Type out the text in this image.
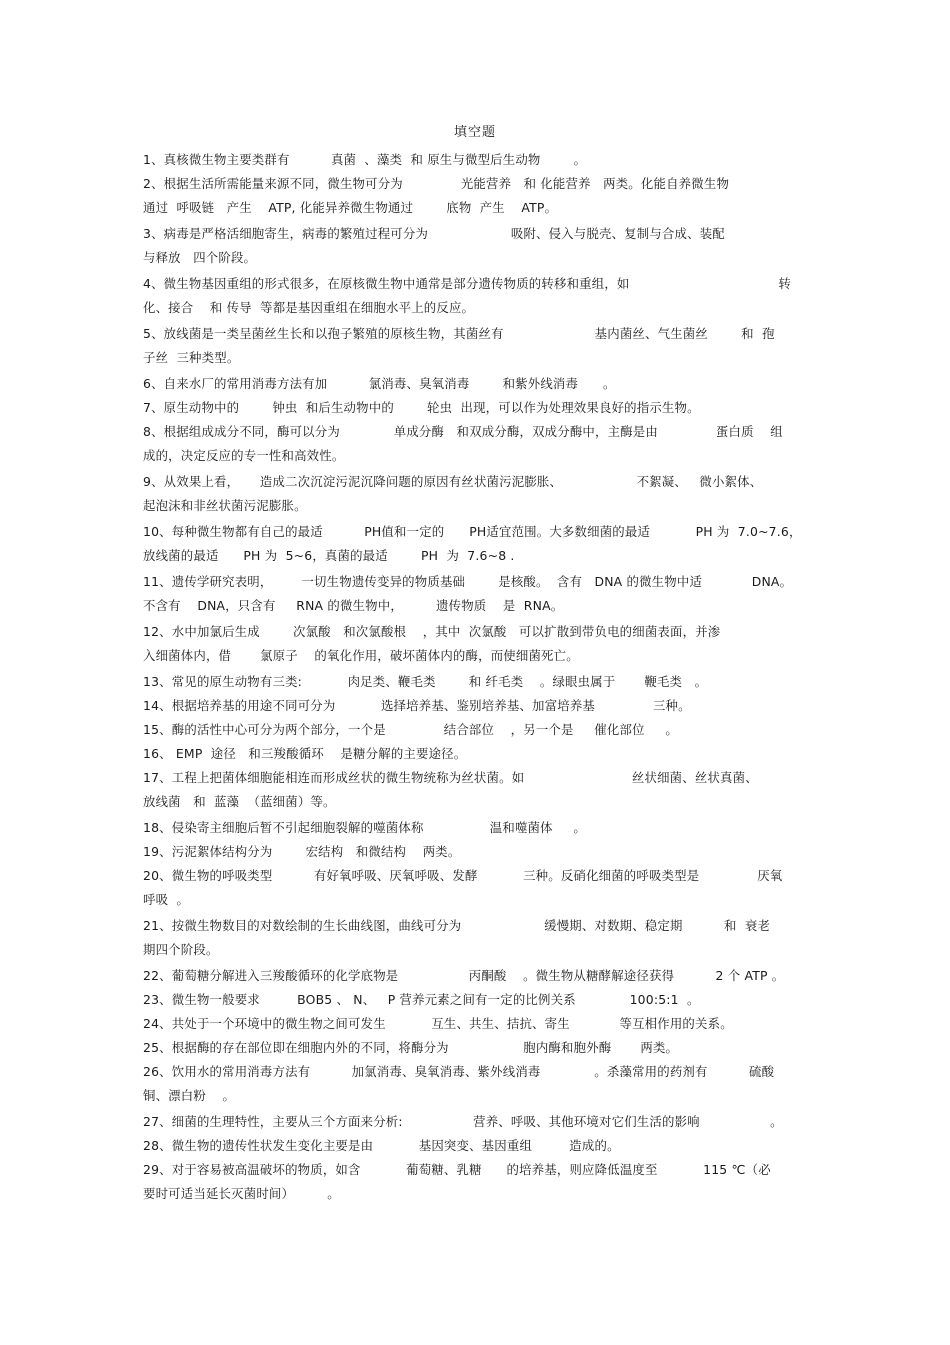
填空题
1、真核微生物主要类群有          真菌  、藻类  和 原生与微型后生动物        。
2、根据生活所需能量来源不同，微生物可分为              光能营养   和 化能营养   两类。化能自养微生物
通过  呼吸链   产生    ATP, 化能异养微生物通过        底物  产生    ATP。
3、病毒是严格活细胞寄生，病毒的繁殖过程可分为                    吸附、侵入与脱壳、复制与合成、装配
与释放   四个阶段。
4、微生物基因重组的形式很多，在原核微生物中通常是部分遗传物质的转移和重组，如                                    转
化、接合    和 传导  等都是基因重组在细胞水平上的反应。
5、放线菌是一类呈菌丝生长和以孢子繁殖的原核生物，其菌丝有                      基内菌丝、气生菌丝        和  孢
子丝  三种类型。
6、自来水厂的常用消毒方法有加          氯消毒、臭氧消毒        和紫外线消毒      。
7、原生动物中的        钟虫  和后生动物中的        轮虫  出现，可以作为处理效果良好的指示生物。
8、根据组成成分不同，酶可以分为             单成分酶   和双成分酶，双成分酶中，主酶是由              蛋白质    组
成的，决定反应的专一性和高效性。
9、从效果上看，     造成二次沉淀污泥沉降问题的原因有丝状菌污泥膨胀、                  不絮凝、   微小絮体、
起泡沫和非丝状菌污泥膨胀。
10、每种微生物都有自己的最适          PH值和一定的      PH适宜范围。大多数细菌的最适           PH 为  7.0~7.6，
放线菌的最适      PH 为  5~6，真菌的最适        PH  为  7.6~8 .
11、遗传学研究表明，       一切生物遗传变异的物质基础        是核酸。  含有   DNA 的微生物中适            DNA。
不含有    DNA，只含有     RNA 的微生物中，        遗传物质    是  RNA。
12、水中加氯后生成        次氯酸   和次氯酸根    ，其中  次氯酸   可以扩散到带负电的细菌表面，并渗
入细菌体内，借       氯原子    的氧化作用，破坏菌体内的酶，而使细菌死亡。
13、常见的原生动物有三类:           肉足类、鞭毛类        和 纤毛类    。绿眼虫属于       鞭毛类   。
14、根据培养基的用途不同可分为           选择培养基、鉴别培养基、加富培养基              三种。
15、酶的活性中心可分为两个部分，一个是              结合部位    ，另一个是     催化部位     。
16、 EMP  途径   和三羧酸循环    是糖分解的主要途径。
17、工程上把菌体细胞能相连而形成丝状的微生物统称为丝状菌。如                          丝状细菌、丝状真菌、
放线菌   和  蓝藻  （蓝细菌）等。
18、侵染寄主细胞后暂不引起细胞裂解的噬菌体称                温和噬菌体     。
19、污泥絮体结构分为        宏结构   和微结构    两类。
20、微生物的呼吸类型          有好氧呼吸、厌氧呼吸、发酵           三种。反硝化细菌的呼吸类型是              厌氧
呼吸  。
21、按微生物数目的对数绘制的生长曲线图，曲线可分为                    缓慢期、对数期、稳定期          和  衰老
期四个阶段。
22、葡萄糖分解进入三羧酸循环的化学底物是                 丙酮酸    。微生物从糖酵解途径获得          2 个 ATP 。
23、微生物一般要求         BOB5 、 N、   P 营养元素之间有一定的比例关系             100:5:1  。
24、共处于一个环境中的微生物之间可发生           互生、共生、拮抗、寄生            等互相作用的关系。
25、根据酶的存在部位即在细胞内外的不同，将酶分为                  胞内酶和胞外酶       两类。
26、饮用水的常用消毒方法有          加氯消毒、臭氧消毒、紫外线消毒             。杀藻常用的药剂有          硫酸
铜、漂白粉    。
27、细菌的生理特性，主要从三个方面来分析:                 营养、呼吸、其他环境对它们生活的影响                 。
28、微生物的遗传性状发生变化主要是由           基因突变、基因重组         造成的。
29、对于容易被高温破坏的物质，如含           葡萄糖、乳糖      的培养基，则应降低温度至           115 ℃（必
要时可适当延长灭菌时间）        。
